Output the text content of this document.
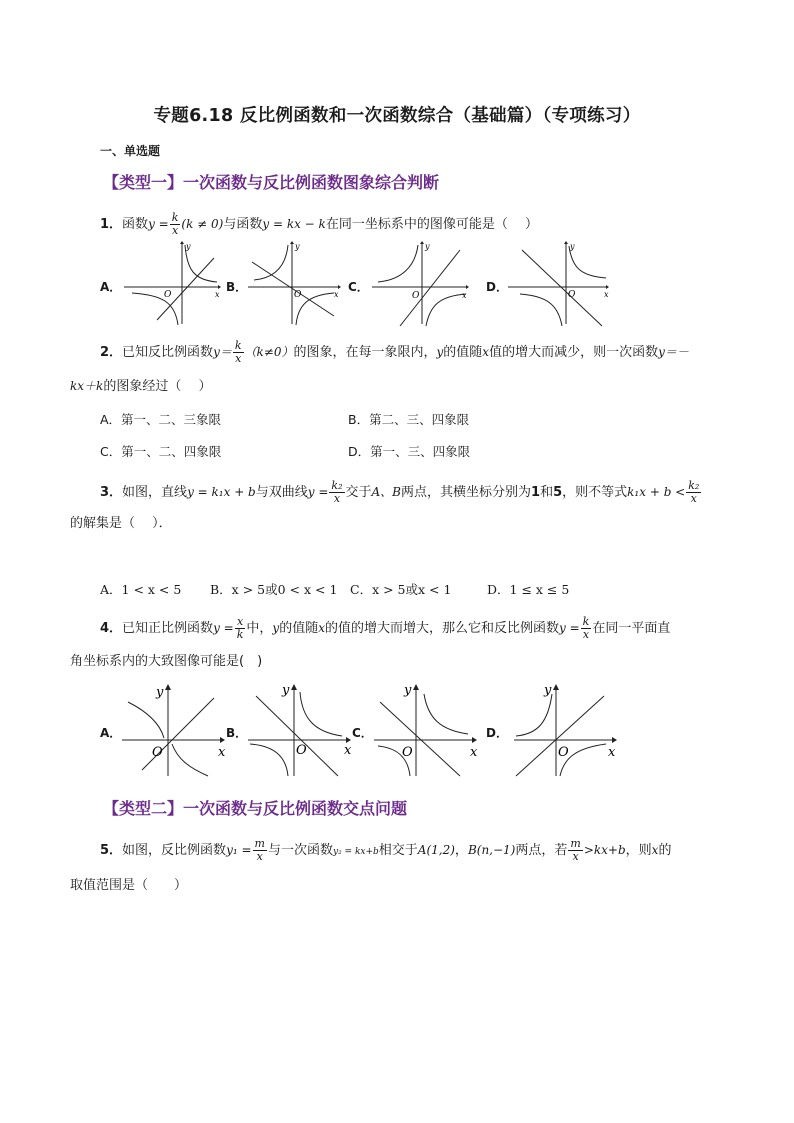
专题6.18 反比例函数和一次函数综合（基础篇）（专项练习）
一、单选题
【类型一】一次函数与反比例函数图象综合判断
1．函数$y = \frac{k}{x} (k \ne 0)$与函数y = kx − k在同一坐标系中的图像可能是（　 ）
A．	B．	C．	D．
O	x
y
O	x
y
O	x
y
O	x
y
2．已知反比例函数$y= \frac{k}{x} (k\ne 0)$的图象，在每一象限内，y的值随x值的增大而减少，则一次函数y＝－
kx＋k的图象经过（　 ）
A．第一、二、三象限	B．第二、三、四象限
C．第一、二、四象限	D．第一、三、四象限
3．如图，直线y = k₁x + b与双曲线$y = \frac{\text{k₂}}{x}$ 交于A、B两点，其横坐标分别为1和5，则不等式$k_1x + b < \frac{\text{k₂}}{x}$
的解集是（　 ）．
A．1 < x < 5 B．x > 5或0 < x < 1 C．x > 5或x < 1	D．1 ≤ x ≤ 5
4．已知正比例函数$y = \frac{x}{k}$ 中，y的值随x的值的增大而增大，那么它和反比例函数$y = \frac{k}{x}$ 在同一平面直
角坐标系内的大致图像可能是(　)
A．	B．	C．	D．
O	x
y
O	x
y
O	x
y
O	x
y
【类型二】一次函数与反比例函数交点问题
5．如图，反比例函数$y_1 = \frac{m}{x}$ 与一次函数y₂ = kx+b相交于A(1,2)，B(n,−1)两点，若 $\frac{m}{x} >kx+b$，则x的
取值范围是（　　）
